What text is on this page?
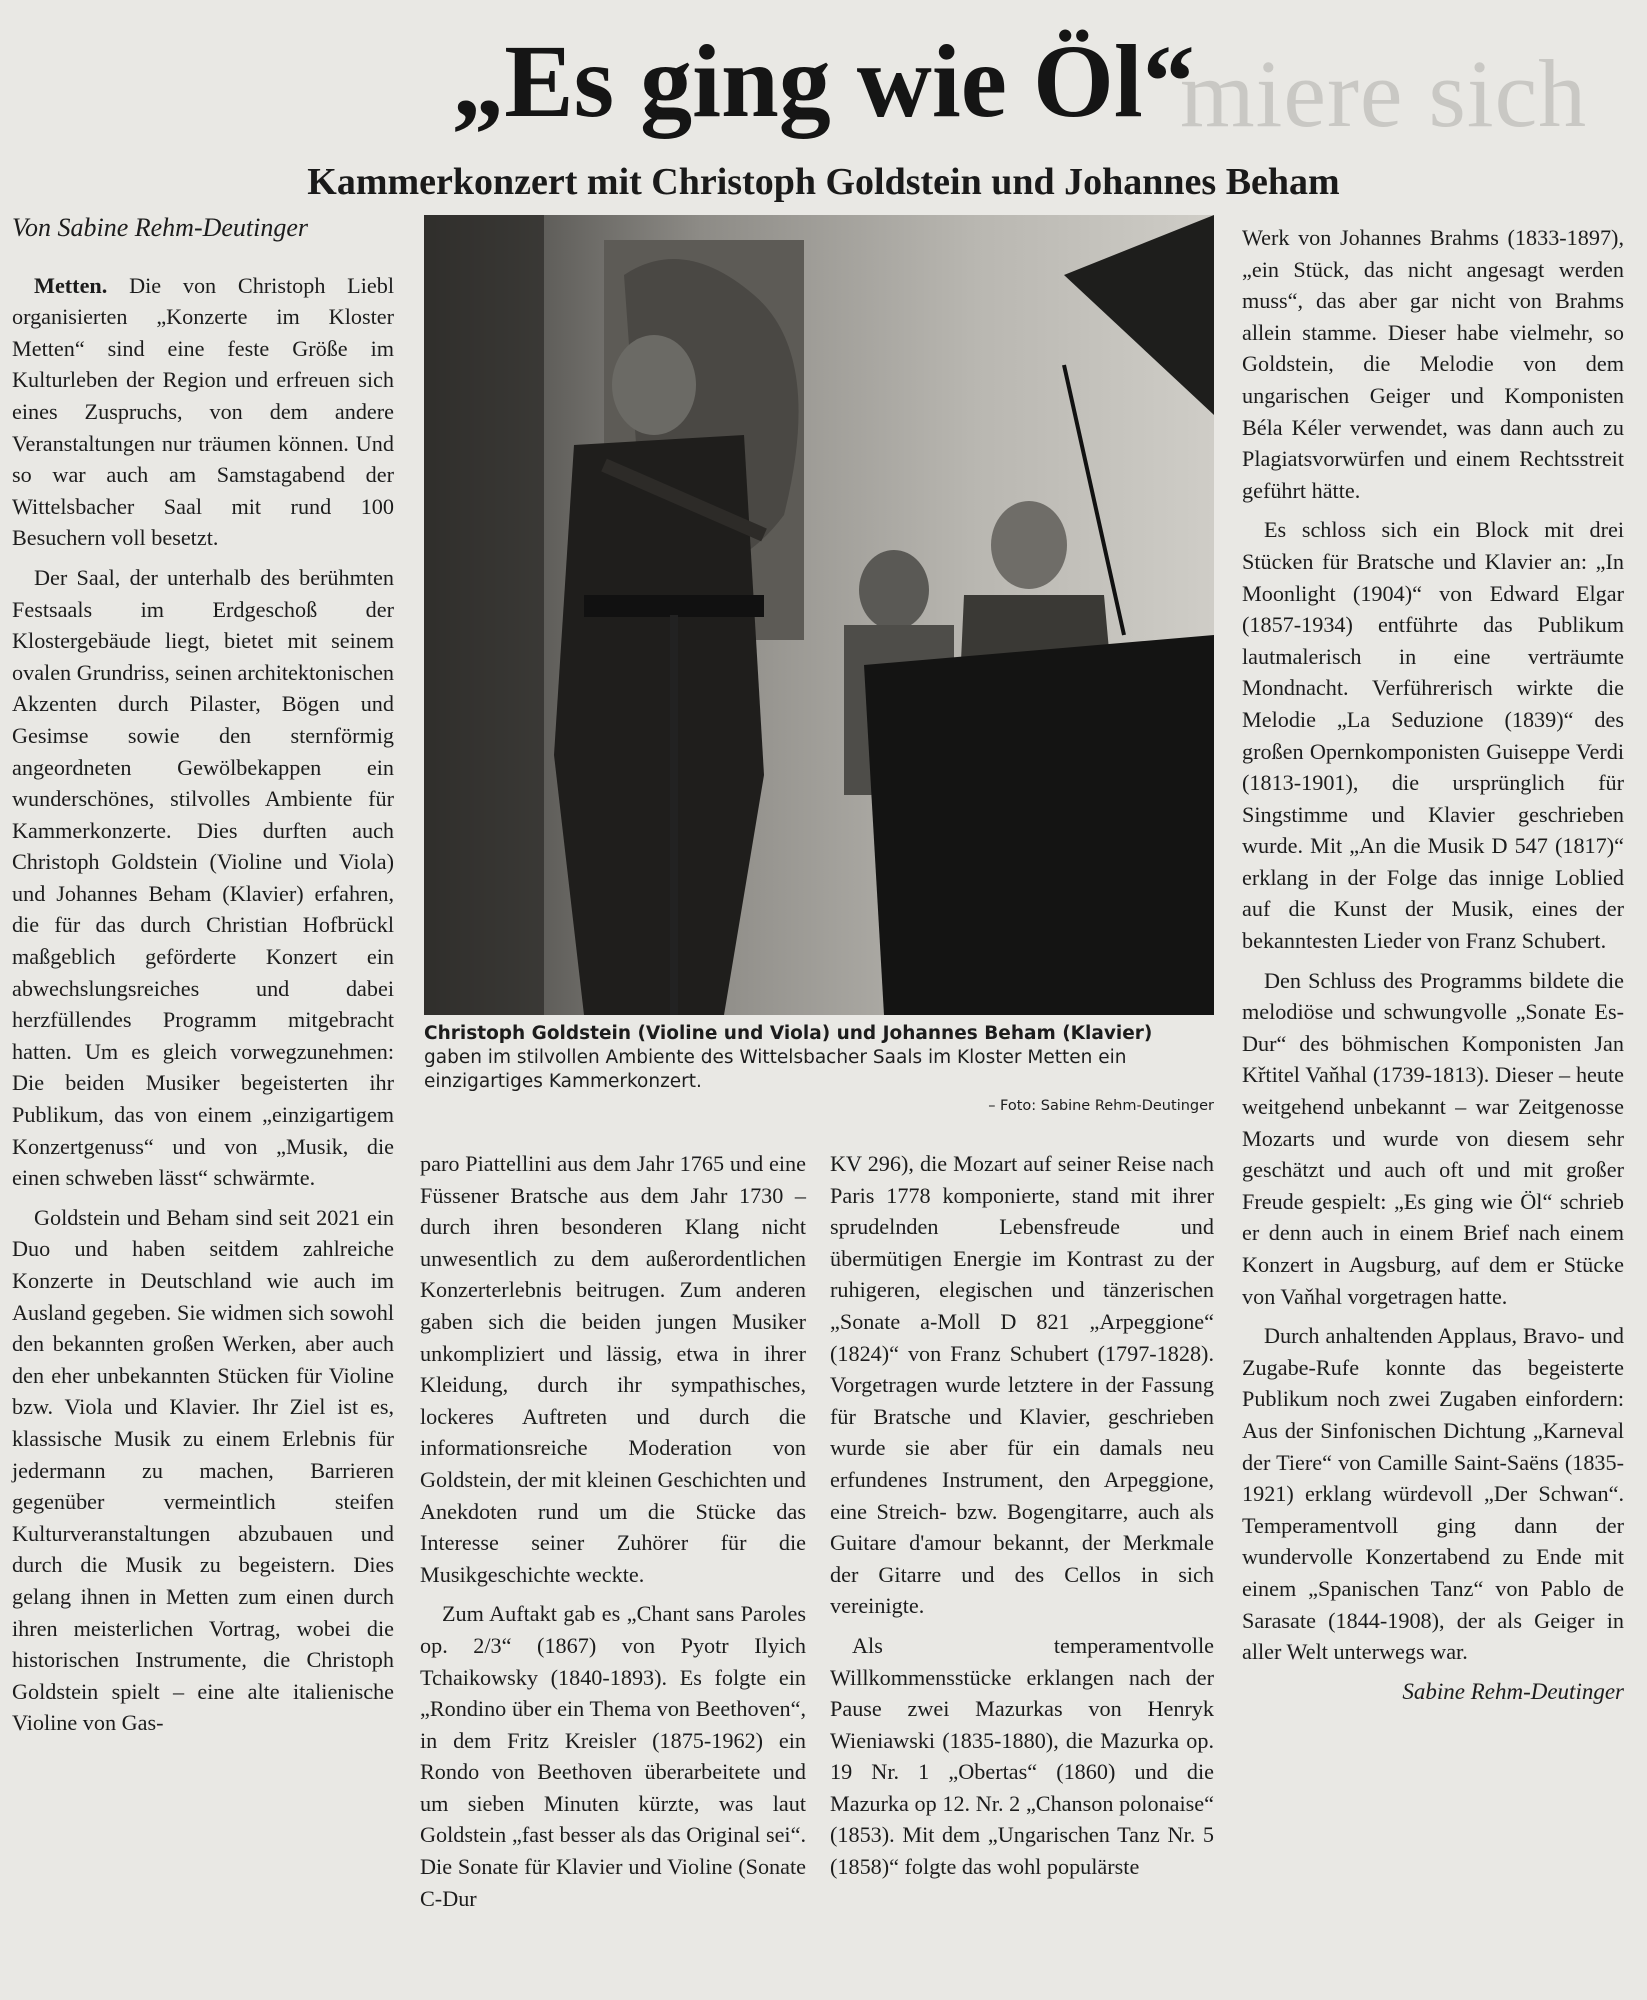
miere sich
„Es ging wie Öl“
Kammerkonzert mit Christoph Goldstein und Johannes Beham

Von Sabine Rehm-Deutinger

Metten. Die von Christoph Liebl organisierten „Konzerte im Kloster Metten“ sind eine feste Größe im Kulturleben der Region und erfreuen sich eines Zuspruchs, von dem andere Veranstaltungen nur träumen können. Und so war auch am Samstagabend der Wittelsbacher Saal mit rund 100 Besuchern voll besetzt.

Der Saal, der unterhalb des berühmten Festsaals im Erdgeschoß der Klostergebäude liegt, bietet mit seinem ovalen Grundriss, seinen architektonischen Akzenten durch Pilaster, Bögen und Gesimse sowie den sternförmig angeordneten Gewölbekappen ein wunderschönes, stilvolles Ambiente für Kammerkonzerte. Dies durften auch Christoph Goldstein (Violine und Viola) und Johannes Beham (Klavier) erfahren, die für das durch Christian Hofbrückl maßgeblich geförderte Konzert ein abwechslungsreiches und dabei herzfüllendes Programm mitgebracht hatten. Um es gleich vorwegzunehmen: Die beiden Musiker begeisterten ihr Publikum, das von einem „einzigartigem Konzertgenuss“ und von „Musik, die einen schweben lässt“ schwärmte.

Goldstein und Beham sind seit 2021 ein Duo und haben seitdem zahlreiche Konzerte in Deutschland wie auch im Ausland gegeben. Sie widmen sich sowohl den bekannten großen Werken, aber auch den eher unbekannten Stücken für Violine bzw. Viola und Klavier. Ihr Ziel ist es, klassische Musik zu einem Erlebnis für jedermann zu machen, Barrieren gegenüber vermeintlich steifen Kulturveranstaltungen abzubauen und durch die Musik zu begeistern. Dies gelang ihnen in Metten zum einen durch ihren meisterlichen Vortrag, wobei die historischen Instrumente, die Christoph Goldstein spielt – eine alte italienische Violine von Gas-

Christoph Goldstein (Violine und Viola) und Johannes Beham (Klavier)
gaben im stilvollen Ambiente des Wittelsbacher Saals im Kloster Metten ein einzigartiges Kammerkonzert.
– Foto: Sabine Rehm-Deutinger

paro Piattellini aus dem Jahr 1765 und eine Füssener Bratsche aus dem Jahr 1730 – durch ihren besonderen Klang nicht unwesentlich zu dem außerordentlichen Konzerterlebnis beitrugen. Zum anderen gaben sich die beiden jungen Musiker unkompliziert und lässig, etwa in ihrer Kleidung, durch ihr sympathisches, lockeres Auftreten und durch die informationsreiche Moderation von Goldstein, der mit kleinen Geschichten und Anekdoten rund um die Stücke das Interesse seiner Zuhörer für die Musikgeschichte weckte.

Zum Auftakt gab es „Chant sans Paroles op. 2/3“ (1867) von Pyotr Ilyich Tchaikowsky (1840-1893). Es folgte ein „Rondino über ein Thema von Beethoven“, in dem Fritz Kreisler (1875-1962) ein Rondo von Beethoven überarbeitete und um sieben Minuten kürzte, was laut Goldstein „fast besser als das Original sei“. Die Sonate für Klavier und Violine (Sonate C-Dur

KV 296), die Mozart auf seiner Reise nach Paris 1778 komponierte, stand mit ihrer sprudelnden Lebensfreude und übermütigen Energie im Kontrast zu der ruhigeren, elegischen und tänzerischen „Sonate a-Moll D 821 „Arpeggione“ (1824)“ von Franz Schubert (1797-1828). Vorgetragen wurde letztere in der Fassung für Bratsche und Klavier, geschrieben wurde sie aber für ein damals neu erfundenes Instrument, den Arpeggione, eine Streich- bzw. Bogengitarre, auch als Guitare d'amour bekannt, der Merkmale der Gitarre und des Cellos in sich vereinigte.

Als temperamentvolle Willkommensstücke erklangen nach der Pause zwei Mazurkas von Henryk Wieniawski (1835-1880), die Mazurka op. 19 Nr. 1 „Obertas“ (1860) und die Mazurka op 12. Nr. 2 „Chanson polonaise“ (1853). Mit dem „Ungarischen Tanz Nr. 5 (1858)“ folgte das wohl populärste

Werk von Johannes Brahms (1833-1897), „ein Stück, das nicht angesagt werden muss“, das aber gar nicht von Brahms allein stamme. Dieser habe vielmehr, so Goldstein, die Melodie von dem ungarischen Geiger und Komponisten Béla Kéler verwendet, was dann auch zu Plagiatsvorwürfen und einem Rechtsstreit geführt hätte.

Es schloss sich ein Block mit drei Stücken für Bratsche und Klavier an: „In Moonlight (1904)“ von Edward Elgar (1857-1934) entführte das Publikum lautmalerisch in eine verträumte Mondnacht. Verführerisch wirkte die Melodie „La Seduzione (1839)“ des großen Opernkomponisten Guiseppe Verdi (1813-1901), die ursprünglich für Singstimme und Klavier geschrieben wurde. Mit „An die Musik D 547 (1817)“ erklang in der Folge das innige Loblied auf die Kunst der Musik, eines der bekanntesten Lieder von Franz Schubert.

Den Schluss des Programms bildete die melodiöse und schwungvolle „Sonate Es-Dur“ des böhmischen Komponisten Jan Křtitel Vaňhal (1739-1813). Dieser – heute weitgehend unbekannt – war Zeitgenosse Mozarts und wurde von diesem sehr geschätzt und auch oft und mit großer Freude gespielt: „Es ging wie Öl“ schrieb er denn auch in einem Brief nach einem Konzert in Augsburg, auf dem er Stücke von Vaňhal vorgetragen hatte.

Durch anhaltenden Applaus, Bravo- und Zugabe-Rufe konnte das begeisterte Publikum noch zwei Zugaben einfordern: Aus der Sinfonischen Dichtung „Karneval der Tiere“ von Camille Saint-Saëns (1835-1921) erklang würdevoll „Der Schwan“. Temperamentvoll ging dann der wundervolle Konzertabend zu Ende mit einem „Spanischen Tanz“ von Pablo de Sarasate (1844-1908), der als Geiger in aller Welt unterwegs war.

Sabine Rehm-Deutinger
